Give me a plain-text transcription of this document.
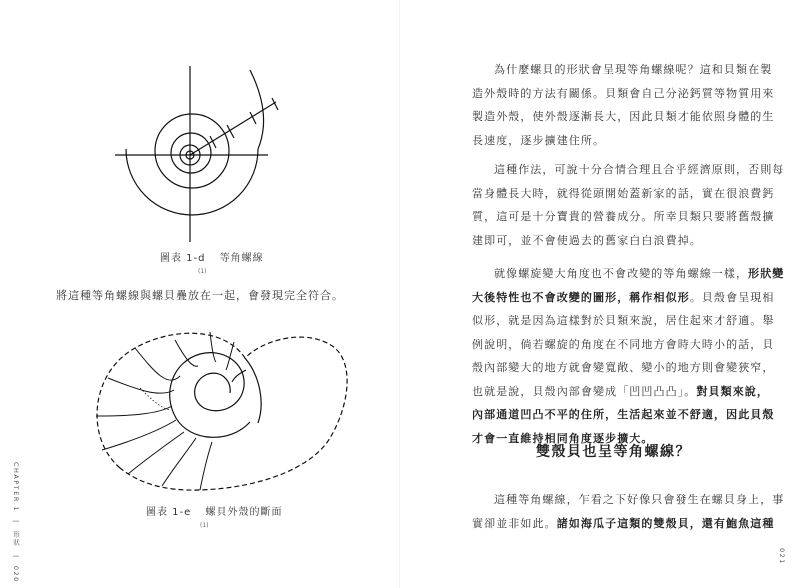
圖表 1-d 等角螺線
(1)
將這種等角螺線與螺貝疊放在一起，會發現完全符合。
圖表 1-e 螺貝外殼的斷面
(1)
CHAPTER 1 | 形狀 | 020
為什麼螺貝的形狀會呈現等角螺線呢？這和貝類在製
造外殼時的方法有關係。貝類會自己分泌鈣質等物質用來
製造外殼，使外殼逐漸長大，因此貝類才能依照身體的生
長速度，逐步擴建住所。
這種作法，可說十分合情合理且合乎經濟原則，否則每
當身體長大時，就得從頭開始蓋新家的話，實在很浪費鈣
質，這可是十分寶貴的營養成分。所幸貝類只要將舊殼擴
建即可，並不會使過去的舊家白白浪費掉。
就像螺旋變大角度也不會改變的等角螺線一樣，形狀變
大後特性也不會改變的圖形，稱作相似形。貝殼會呈現相
似形，就是因為這樣對於貝類來說，居住起來才舒適。舉
例說明，倘若螺旋的角度在不同地方會時大時小的話，貝
殼內部變大的地方就會變寬敞、變小的地方則會變狹窄，
也就是說，貝殼內部會變成「凹凹凸凸」。對貝類來說，
內部通道凹凸不平的住所，生活起來並不舒適，因此貝殼
才會一直維持相同角度逐步擴大。
雙殼貝也呈等角螺線？
這種等角螺線，乍看之下好像只會發生在螺貝身上，事
實卻並非如此。諸如海瓜子這類的雙殼貝，還有鮑魚這種
021
